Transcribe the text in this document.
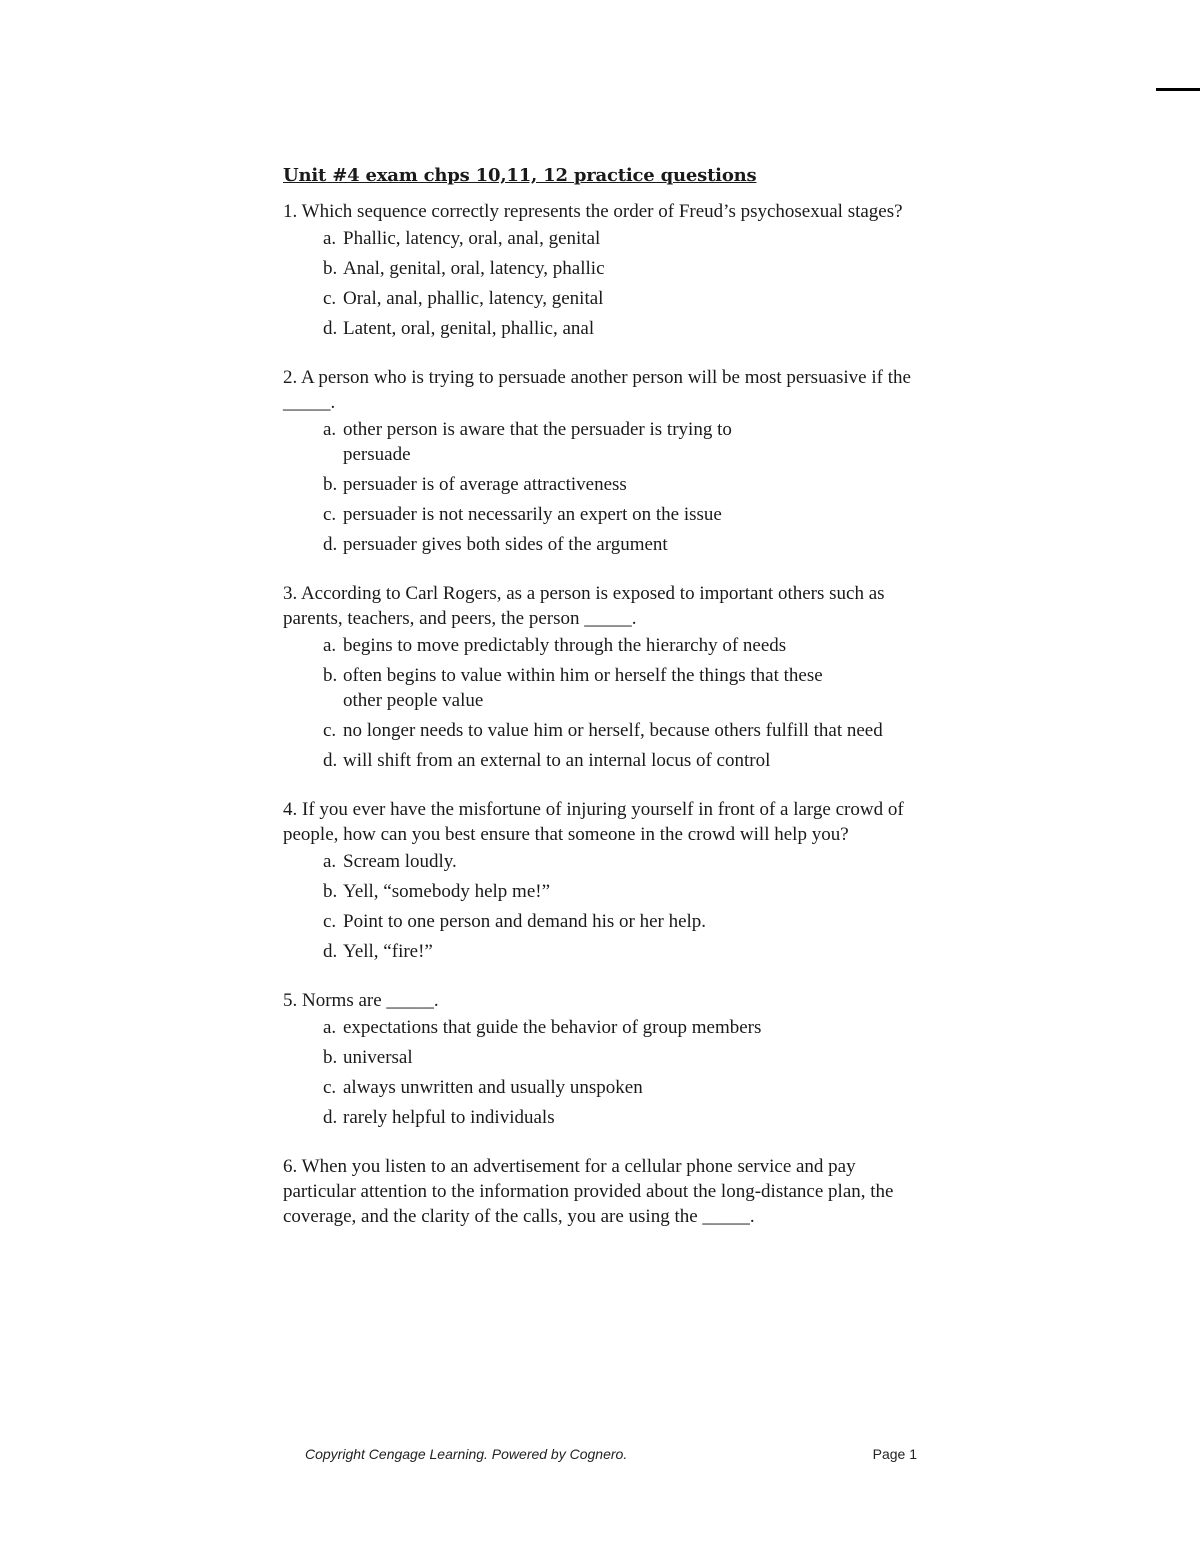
Unit #4 exam chps 10,11, 12 practice questions

1. Which sequence correctly represents the order of Freud’s psychosexual stages?

a. Phallic, latency, oral, anal, genital
b. Anal, genital, oral, latency, phallic
c. Oral, anal, phallic, latency, genital
d. Latent, oral, genital, phallic, anal

2. A person who is trying to persuade another person will be most persuasive if the _____.

a. other person is aware that the persuader is trying to persuade
b. persuader is of average attractiveness
c. persuader is not necessarily an expert on the issue
d. persuader gives both sides of the argument

3. According to Carl Rogers, as a person is exposed to important others such as parents, teachers, and peers, the person _____.

a. begins to move predictably through the hierarchy of needs
b. often begins to value within him or herself the things that these other people value
c. no longer needs to value him or herself, because others fulfill that need
d. will shift from an external to an internal locus of control

4. If you ever have the misfortune of injuring yourself in front of a large crowd of people, how can you best ensure that someone in the crowd will help you?

a. Scream loudly.
b. Yell, “somebody help me!”
c. Point to one person and demand his or her help.
d. Yell, “fire!”

5. Norms are _____.

a. expectations that guide the behavior of group members
b. universal
c. always unwritten and usually unspoken
d. rarely helpful to individuals

6. When you listen to an advertisement for a cellular phone service and pay particular attention to the information provided about the long-distance plan, the coverage, and the clarity of the calls, you are using the _____.

Copyright Cengage Learning. Powered by Cognero.	Page 1
